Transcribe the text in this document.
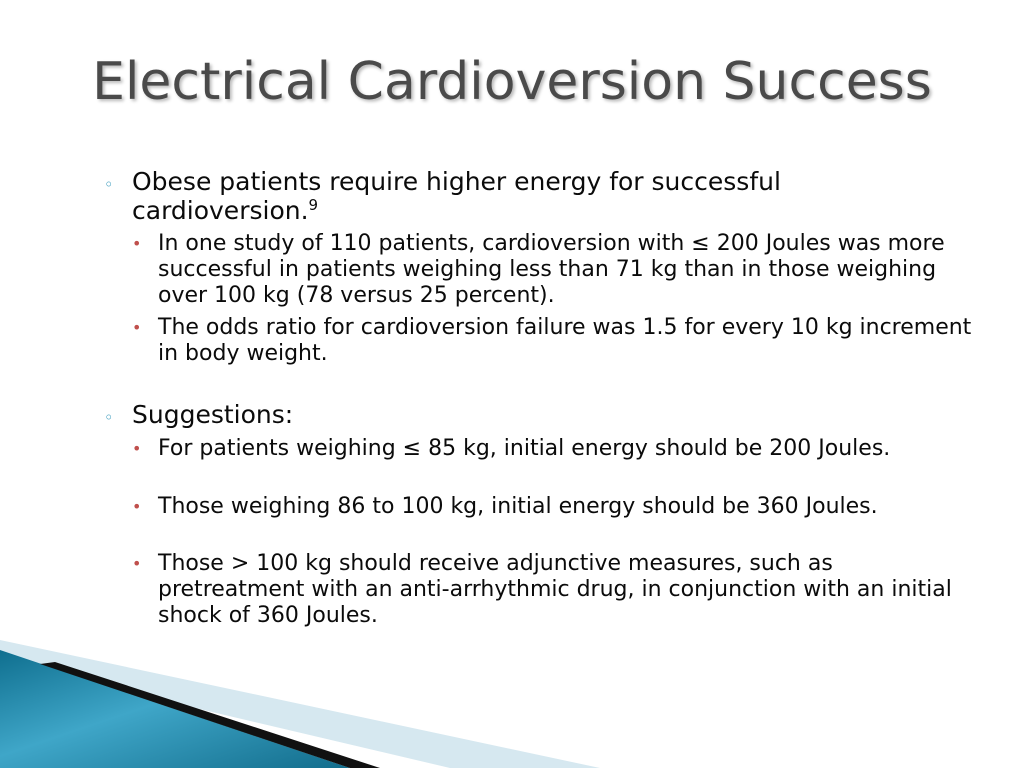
Electrical Cardioversion Success
◦ Obese patients require higher energy for successful cardioversion.$^9$
• In one study of 110 patients, cardioversion with ≤ 200 Joules was more successful in patients weighing less than 71 kg than in those weighing over 100 kg (78 versus 25 percent).
• The odds ratio for cardioversion failure was 1.5 for every 10 kg increment in body weight.
◦ Suggestions:
• For patients weighing ≤ 85 kg, initial energy should be 200 Joules.
• Those weighing 86 to 100 kg, initial energy should be 360 Joules.
• Those > 100 kg should receive adjunctive measures, such as pretreatment with an anti-arrhythmic drug, in conjunction with an initial shock of 360 Joules.
